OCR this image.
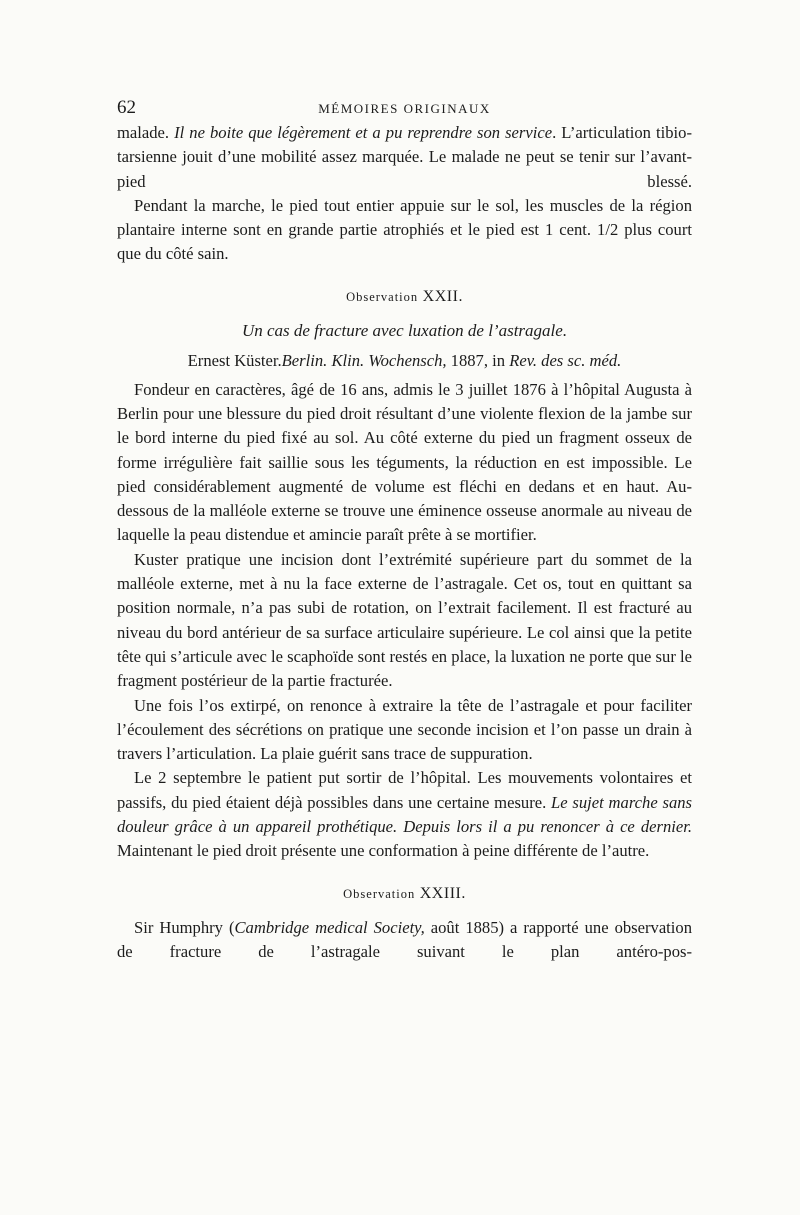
62	MÉMOIRES ORIGINAUX

malade. Il ne boite que légèrement et a pu reprendre son service. L’articulation tibio-tarsienne jouit d’une mobilité assez marquée. Le malade ne peut se tenir sur l’avant-pied blessé.

Pendant la marche, le pied tout entier appuie sur le sol, les muscles de la région plantaire interne sont en grande partie atrophiés et le pied est 1 cent. 1/2 plus court que du côté sain.

Observation XXII.

Un cas de fracture avec luxation de l’astragale.

Ernest Küster.Berlin. Klin. Wochensch, 1887, in Rev. des sc. méd.

Fondeur en caractères, âgé de 16 ans, admis le 3 juillet 1876 à l’hôpital Augusta à Berlin pour une blessure du pied droit résultant d’une violente flexion de la jambe sur le bord interne du pied fixé au sol. Au côté externe du pied un fragment osseux de forme irrégulière fait saillie sous les téguments, la réduction en est impossible. Le pied considérablement augmenté de volume est fléchi en dedans et en haut. Au-dessous de la malléole externe se trouve une éminence osseuse anormale au niveau de laquelle la peau distendue et amincie paraît prête à se mortifier.

Kuster pratique une incision dont l’extrémité supérieure part du sommet de la malléole externe, met à nu la face externe de l’astragale. Cet os, tout en quittant sa position normale, n’a pas subi de rotation, on l’extrait facilement. Il est fracturé au niveau du bord antérieur de sa surface articulaire supérieure. Le col ainsi que la petite tête qui s’articule avec le scaphoïde sont restés en place, la luxation ne porte que sur le fragment postérieur de la partie fracturée.

Une fois l’os extirpé, on renonce à extraire la tête de l’astragale et pour faciliter l’écoulement des sécrétions on pratique une seconde incision et l’on passe un drain à travers l’articulation. La plaie guérit sans trace de suppuration.

Le 2 septembre le patient put sortir de l’hôpital. Les mouvements volontaires et passifs, du pied étaient déjà possibles dans une certaine mesure. Le sujet marche sans douleur grâce à un appareil prothétique. Depuis lors il a pu renoncer à ce dernier. Maintenant le pied droit présente une conformation à peine différente de l’autre.

Observation XXIII.

Sir Humphry (Cambridge medical Society, août 1885) a rapporté une observation de fracture de l’astragale suivant le plan antéro-pos-
